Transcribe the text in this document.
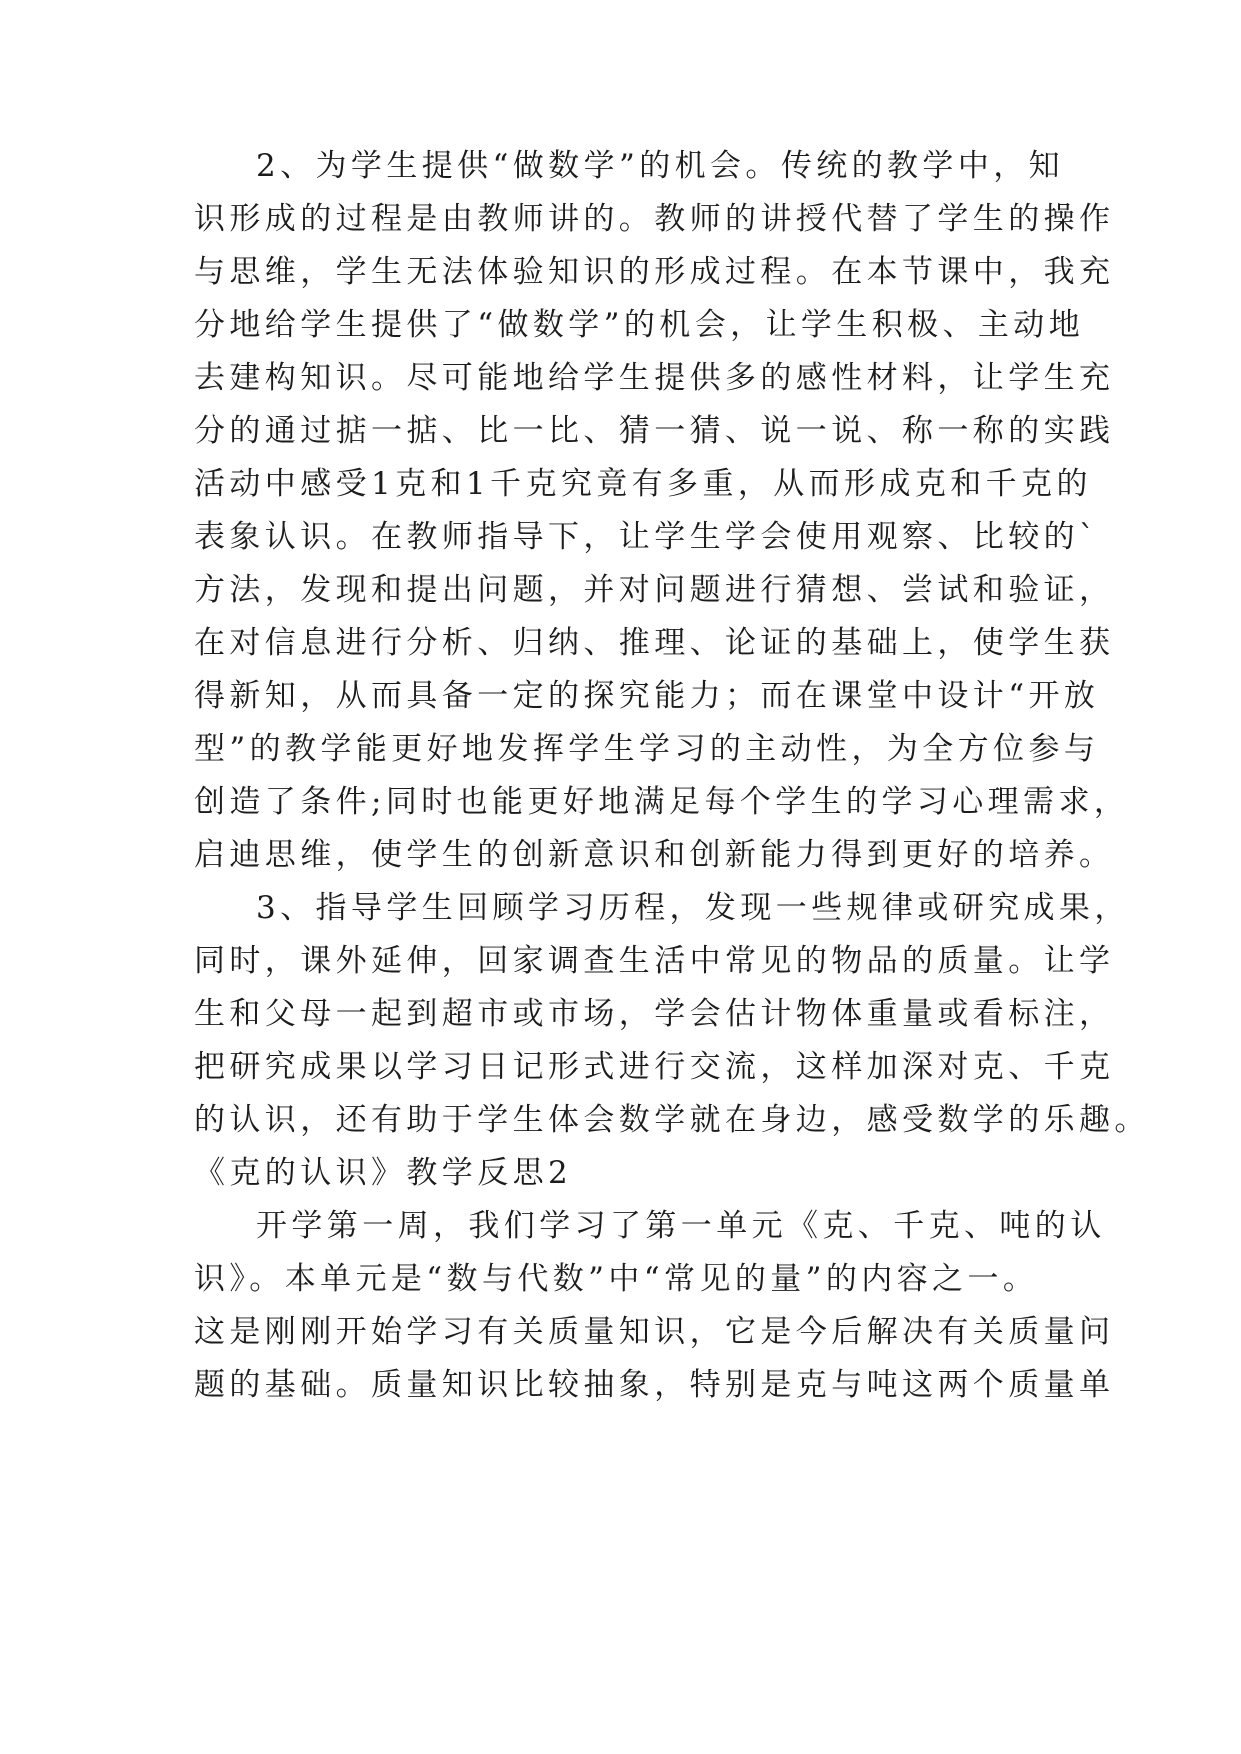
2、为学生提供“做数学”的机会。传统的教学中，知
识形成的过程是由教师讲的。教师的讲授代替了学生的操作
与思维，学生无法体验知识的形成过程。在本节课中，我充
分地给学生提供了“做数学”的机会，让学生积极、主动地
去建构知识。尽可能地给学生提供多的感性材料，让学生充
分的通过掂一掂、比一比、猜一猜、说一说、称一称的实践
活动中感受1克和1千克究竟有多重，从而形成克和千克的
表象认识。在教师指导下，让学生学会使用观察、比较的`
方法，发现和提出问题，并对问题进行猜想、尝试和验证，
在对信息进行分析、归纳、推理、论证的基础上，使学生获
得新知，从而具备一定的探究能力；而在课堂中设计“开放
型”的教学能更好地发挥学生学习的主动性，为全方位参与
创造了条件;同时也能更好地满足每个学生的学习心理需求，
启迪思维，使学生的创新意识和创新能力得到更好的培养。
3、指导学生回顾学习历程，发现一些规律或研究成果，
同时，课外延伸，回家调查生活中常见的物品的质量。让学
生和父母一起到超市或市场，学会估计物体重量或看标注，
把研究成果以学习日记形式进行交流，这样加深对克、千克
的认识，还有助于学生体会数学就在身边，感受数学的乐趣。
《克的认识》教学反思2
开学第一周，我们学习了第一单元《克、千克、吨的认
识》。本单元是“数与代数”中“常见的量”的内容之一。
这是刚刚开始学习有关质量知识，它是今后解决有关质量问
题的基础。质量知识比较抽象，特别是克与吨这两个质量单
